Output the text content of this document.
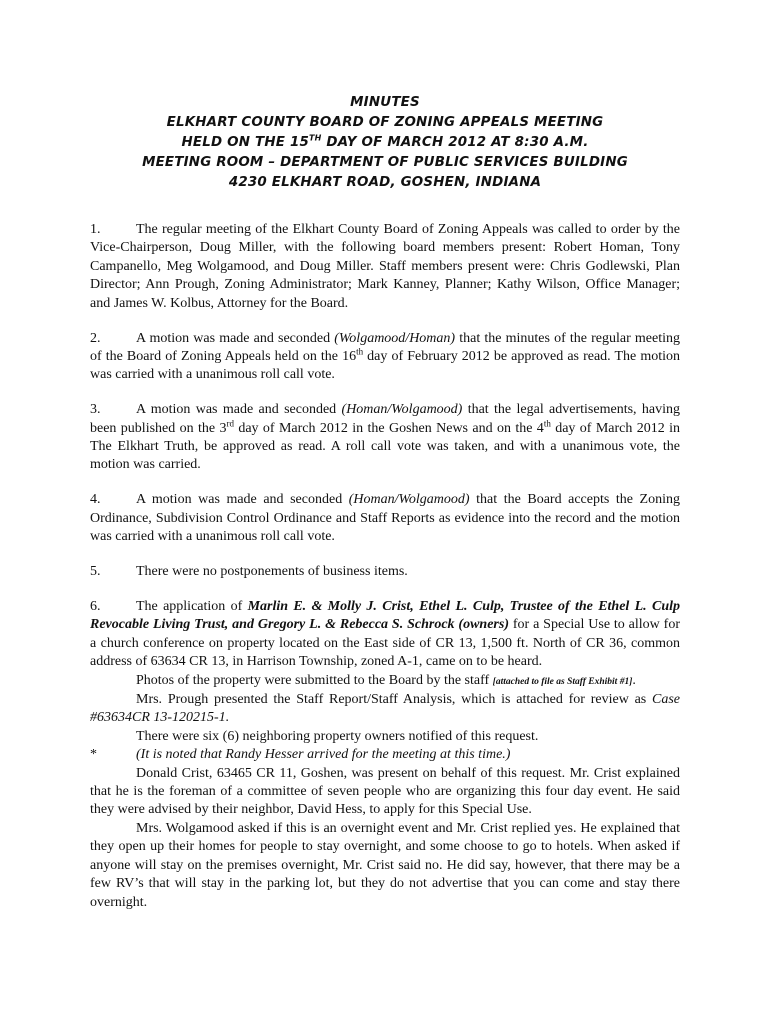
MINUTES
ELKHART COUNTY BOARD OF ZONING APPEALS MEETING
HELD ON THE 15TH DAY OF MARCH 2012 AT 8:30 A.M.
MEETING ROOM – DEPARTMENT OF PUBLIC SERVICES BUILDING
4230 ELKHART ROAD, GOSHEN, INDIANA

1.	The regular meeting of the Elkhart County Board of Zoning Appeals was called to order by the Vice-Chairperson, Doug Miller, with the following board members present: Robert Homan, Tony Campanello, Meg Wolgamood, and Doug Miller. Staff members present were: Chris Godlewski, Plan Director; Ann Prough, Zoning Administrator; Mark Kanney, Planner; Kathy Wilson, Office Manager; and James W. Kolbus, Attorney for the Board.

2.	A motion was made and seconded (Wolgamood/Homan) that the minutes of the regular meeting of the Board of Zoning Appeals held on the 16th day of February 2012 be approved as read. The motion was carried with a unanimous roll call vote.

3.	A motion was made and seconded (Homan/Wolgamood) that the legal advertisements, having been published on the 3rd day of March 2012 in the Goshen News and on the 4th day of March 2012 in The Elkhart Truth, be approved as read. A roll call vote was taken, and with a unanimous vote, the motion was carried.

4.	A motion was made and seconded (Homan/Wolgamood) that the Board accepts the Zoning Ordinance, Subdivision Control Ordinance and Staff Reports as evidence into the record and the motion was carried with a unanimous roll call vote.

5.	There were no postponements of business items.

6.	The application of Marlin E. & Molly J. Crist, Ethel L. Culp, Trustee of the Ethel L. Culp Revocable Living Trust, and Gregory L. & Rebecca S. Schrock (owners) for a Special Use to allow for a church conference on property located on the East side of CR 13, 1,500 ft. North of CR 36, common address of 63634 CR 13, in Harrison Township, zoned A-1, came on to be heard.

Photos of the property were submitted to the Board by the staff [attached to file as Staff Exhibit #1].

Mrs. Prough presented the Staff Report/Staff Analysis, which is attached for review as Case #63634CR 13-120215-1.

There were six (6) neighboring property owners notified of this request.

*	(It is noted that Randy Hesser arrived for the meeting at this time.)

Donald Crist, 63465 CR 11, Goshen, was present on behalf of this request. Mr. Crist explained that he is the foreman of a committee of seven people who are organizing this four day event. He said they were advised by their neighbor, David Hess, to apply for this Special Use.

Mrs. Wolgamood asked if this is an overnight event and Mr. Crist replied yes. He explained that they open up their homes for people to stay overnight, and some choose to go to hotels. When asked if anyone will stay on the premises overnight, Mr. Crist said no. He did say, however, that there may be a few RV’s that will stay in the parking lot, but they do not advertise that you can come and stay there overnight.
